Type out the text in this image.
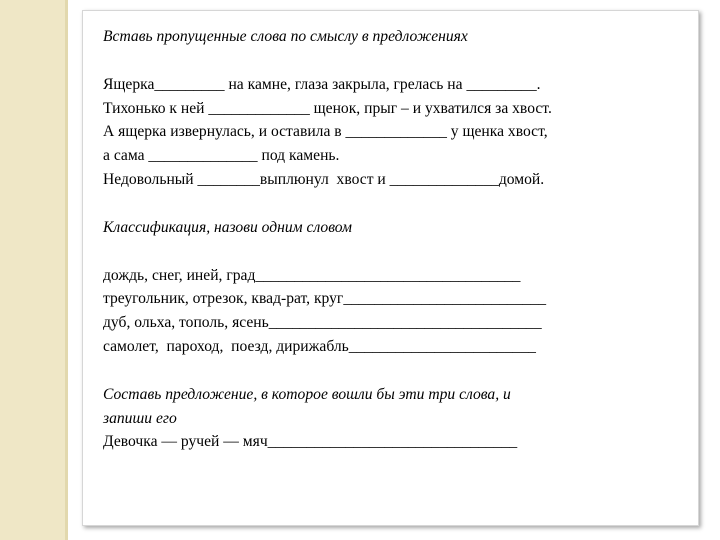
Вставь пропущенные слова по смыслу в предложениях

Ящерка_________ на камне, глаза закрыла, грелась на _________.

Тихонько к ней _____________ щенок, прыг – и ухватился за хвост.

А ящерка извернулась, и оставила в _____________ у щенка хвост,

а сама ______________ под камень.

Недовольный ________выплюнул  хвост и ______________домой.

Классификация, назови одним словом

дождь, снег, иней, град__________________________________

треугольник, отрезок, квад-рат, круг__________________________

дуб, ольха, тополь, ясень___________________________________

самолет,  пароход,  поезд, дирижабль________________________

Составь предложение, в которое вошли бы эти три слова, и

запиши его

Девочка — ручей — мяч________________________________
